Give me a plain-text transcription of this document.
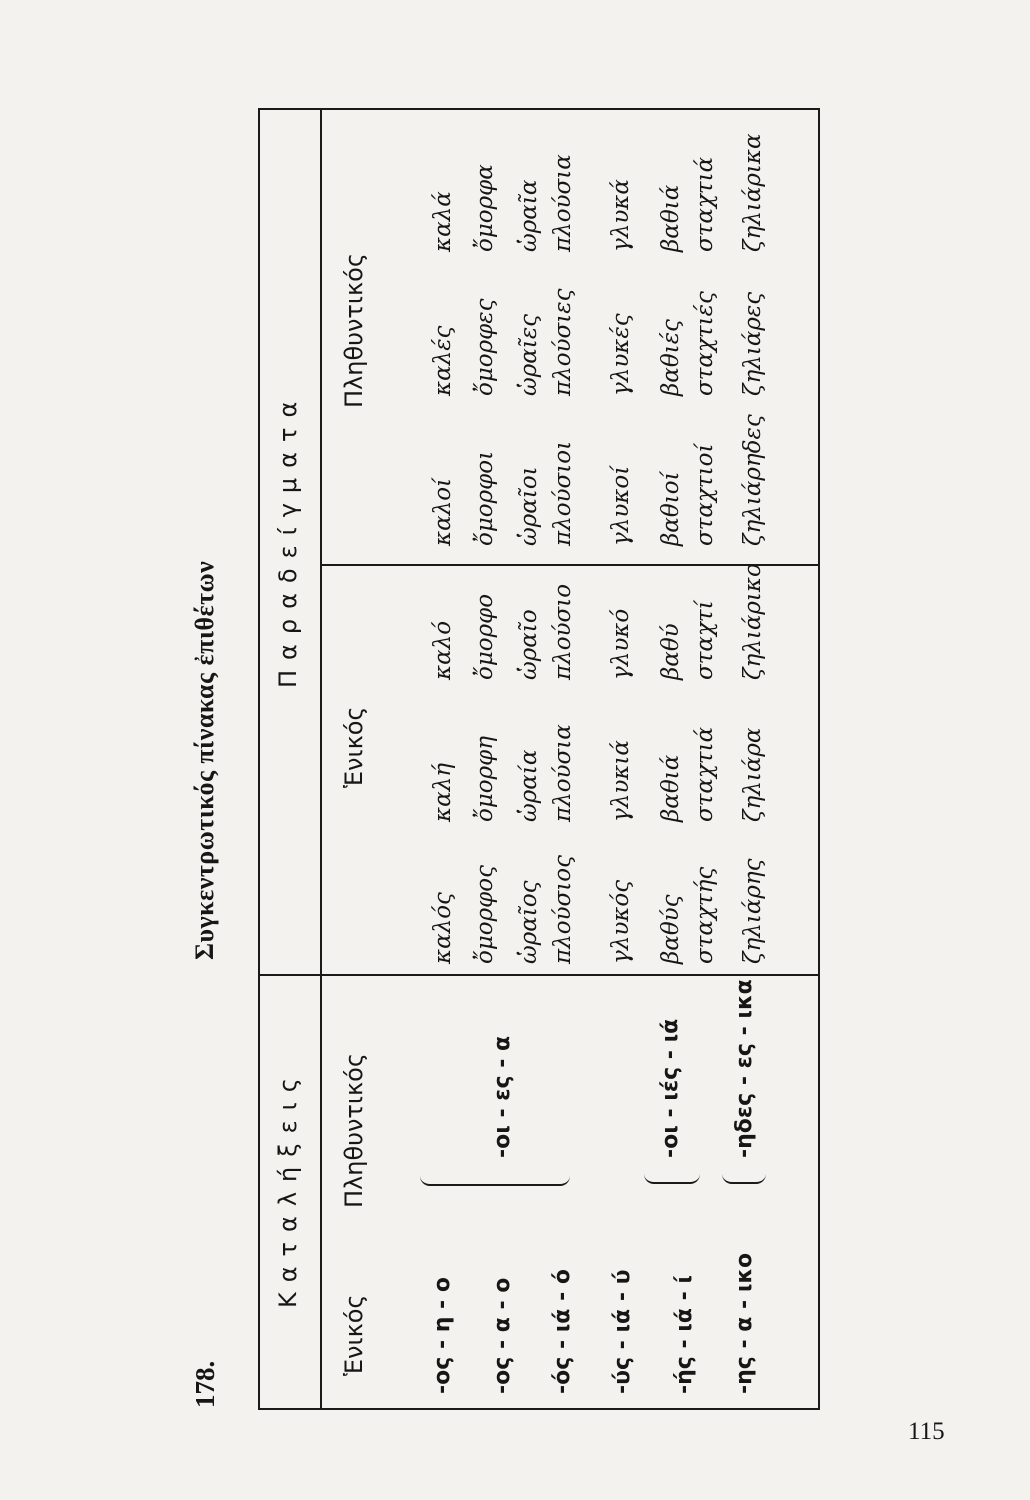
115
178.
Συγκεντρωτικός πίνακας ἐπιθέτων
Καταλήξεις
Παραδείγματα
Ἑνικός
Πληθυντικός
Ἑνικός
Πληθυντικός
-ος - η - ο -ος - α - ο -ός - ιά - ό -ύς - ιά - ύ -ής - ιά - ί -ης - α - ικο
-οι - ες - α	-οι - ιές - ιά -ηδες - ες - ικα
καλός
καλή
καλό
ὄμορφος
ὄμορφη
ὄμορφο
ὡραῖος
ὡραία
ὡραῖο
πλούσιος
πλούσια
πλούσιο
γλυκός
γλυκιά
γλυκό
βαθύς
βαθιά
βαθύ
σταχτής
σταχτιά
σταχτί
ζηλιάρης
ζηλιάρα
ζηλιάρικο
καλοί
καλές
καλά
ὄμορφοι
ὄμορφες
ὄμορφα
ὡραῖοι
ὡραῖες
ὡραῖα
πλούσιοι
πλούσιες
πλούσια
γλυκοί
γλυκές
γλυκά
βαθιοί
βαθιές
βαθιά
σταχτιοί
σταχτιές
σταχτιά
ζηλιάρηδες
ζηλιάρες
ζηλιάρικα
